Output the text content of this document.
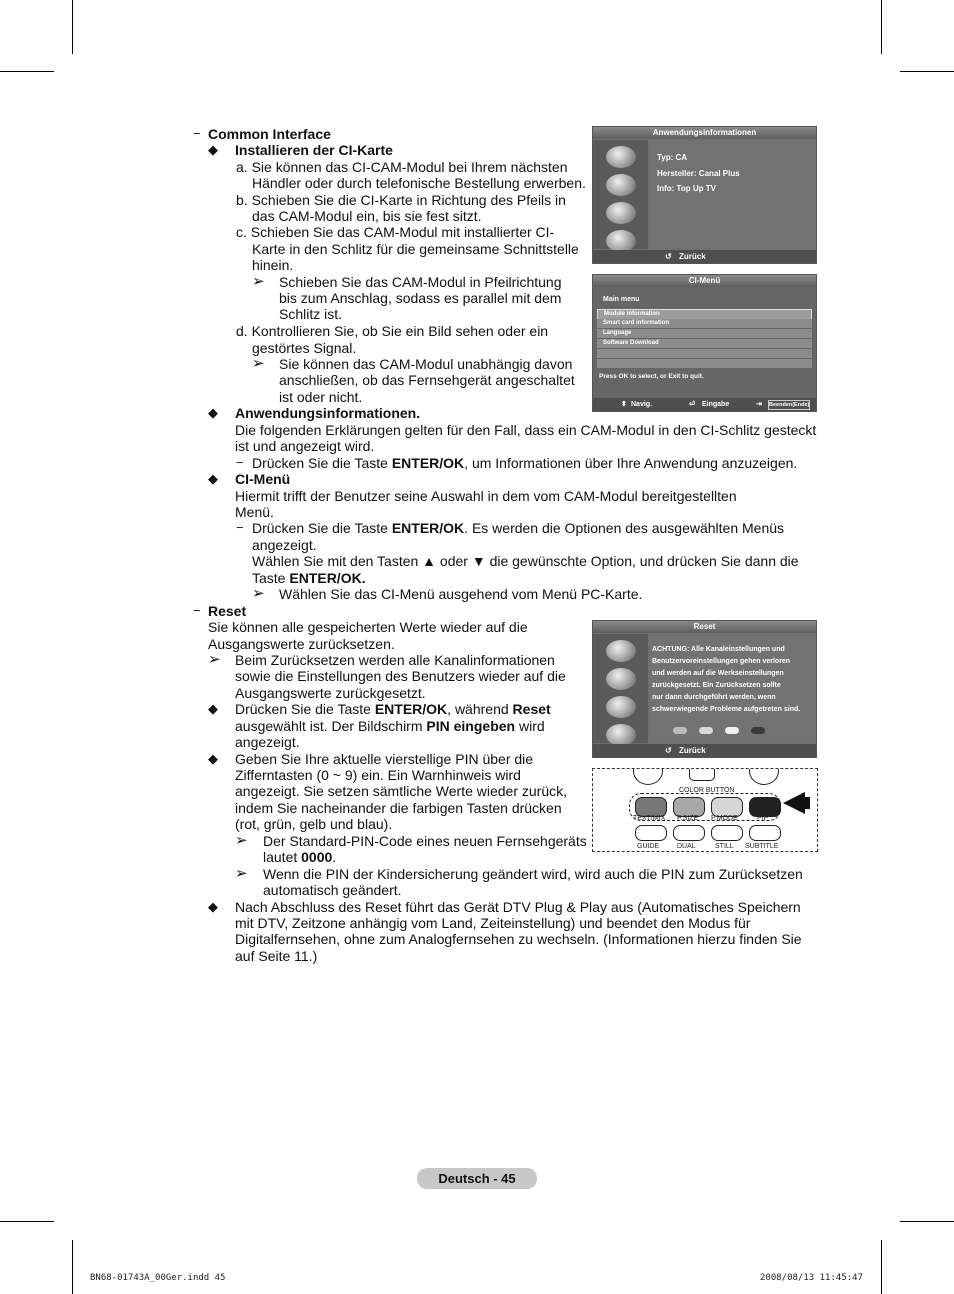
− Common Interface
◆ Installieren der CI-Karte
a. Sie können das CI-CAM-Modul bei Ihrem nächsten
Händler oder durch telefonische Bestellung erwerben.
b. Schieben Sie die CI-Karte in Richtung des Pfeils in
das CAM-Modul ein, bis sie fest sitzt.
c. Schieben Sie das CAM-Modul mit installierter CI-
Karte in den Schlitz für die gemeinsame Schnittstelle
hinein.
➢ Schieben Sie das CAM-Modul in Pfeilrichtung
bis zum Anschlag, sodass es parallel mit dem
Schlitz ist.
d. Kontrollieren Sie, ob Sie ein Bild sehen oder ein
gestörtes Signal.
➢ Sie können das CAM-Modul unabhängig davon
anschließen, ob das Fernsehgerät angeschaltet
ist oder nicht.
◆ Anwendungsinformationen.
Die folgenden Erklärungen gelten für den Fall, dass ein CAM-Modul in den CI-Schlitz gesteckt
ist und angezeigt wird.
− Drücken Sie die Taste ENTER/OK, um Informationen über Ihre Anwendung anzuzeigen.
◆ CI-Menü
Hiermit trifft der Benutzer seine Auswahl in dem vom CAM-Modul bereitgestellten
Menü.
− Drücken Sie die Taste ENTER/OK. Es werden die Optionen des ausgewählten Menüs
angezeigt.
Wählen Sie mit den Tasten ▲ oder ▼ die gewünschte Option, und drücken Sie dann die
Taste ENTER/OK.
➢ Wählen Sie das CI-Menü ausgehend vom Menü PC-Karte.
− Reset
Sie können alle gespeicherten Werte wieder auf die
Ausgangswerte zurücksetzen.
➢ Beim Zurücksetzen werden alle Kanalinformationen
sowie die Einstellungen des Benutzers wieder auf die
Ausgangswerte zurückgesetzt.
◆ Drücken Sie die Taste ENTER/OK, während Reset
ausgewählt ist. Der Bildschirm PIN eingeben wird
angezeigt.
◆ Geben Sie Ihre aktuelle vierstellige PIN über die
Zifferntasten (0 ~ 9) ein. Ein Warnhinweis wird
angezeigt. Sie setzen sämtliche Werte wieder zurück,
indem Sie nacheinander die farbigen Tasten drücken
(rot, grün, gelb und blau).
➢ Der Standard-PIN-Code eines neuen Fernsehgeräts
lautet 0000.
➢ Wenn die PIN der Kindersicherung geändert wird, wird auch die PIN zum Zurücksetzen
automatisch geändert.
◆ Nach Abschluss des Reset führt das Gerät DTV Plug & Play aus (Automatisches Speichern
mit DTV, Zeitzone anhängig vom Land, Zeiteinstellung) und beendet den Modus für
Digitalfernsehen, ohne zum Analogfernsehen zu wechseln. (Informationen hierzu finden Sie
auf Seite 11.)
Anwendungsinformationen
Typ: CA
Hersteller: Canal Plus
Info: Top Up TV
↺ Zurück
CI-Menü
Main menu
Module information
Smart card information
Language
Software Download
Press OK to select, or Exit to quit.
⬍ Navig.	⏎ Eingabe	⇥ Beenden(Ende)
Reset
ACHTUNG: Alle Kanaleinstellungen und
Benutzervoreinstellungen gehen verloren
und werden auf die Werkseinstellungen
zurückgesetzt. Ein Zurücksetzen sollte
nur dann durchgeführt werden, wenn
schwerwiegende Probleme aufgetreten sind.
↺ Zurück
COLOR BUTTON
TEXT/MIX P.SIZE P.MODE	PIP
GUIDE	DUAL	STILL SUBTITLE
Deutsch - 45
BN68-01743A_00Ger.indd 45	2008/08/13 11:45:47
